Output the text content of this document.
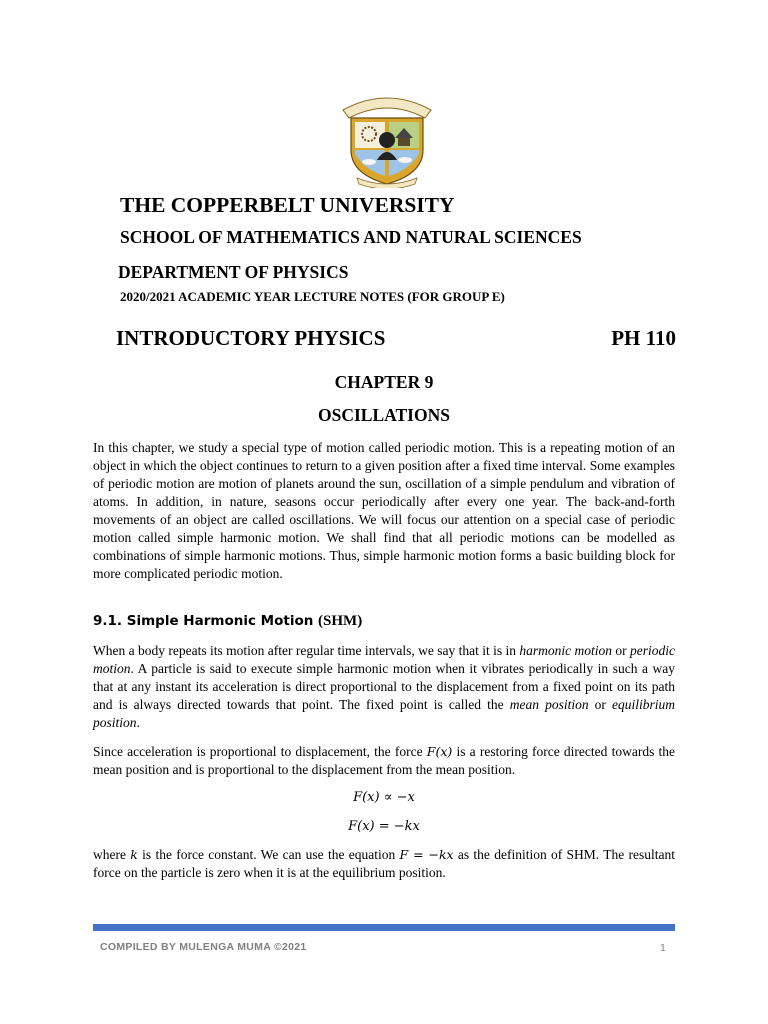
THE COPPERBELT UNIVERSITY
SCHOOL OF MATHEMATICS AND NATURAL SCIENCES
DEPARTMENT OF PHYSICS
2020/2021 ACADEMIC YEAR LECTURE NOTES (FOR GROUP E)
INTRODUCTORY PHYSICS	PH 110
CHAPTER 9
OSCILLATIONS

In this chapter, we study a special type of motion called periodic motion. This is a repeating motion of an object in which the object continues to return to a given position after a fixed time interval. Some examples of periodic motion are motion of planets around the sun, oscillation of a simple pendulum and vibration of atoms. In addition, in nature, seasons occur periodically after every one year. The back-and-forth movements of an object are called oscillations. We will focus our attention on a special case of periodic motion called simple harmonic motion. We shall find that all periodic motions can be modelled as combinations of simple harmonic motions. Thus, simple harmonic motion forms a basic building block for more complicated periodic motion.

9.1. Simple Harmonic Motion (SHM)

When a body repeats its motion after regular time intervals, we say that it is in harmonic motion or periodic motion. A particle is said to execute simple harmonic motion when it vibrates periodically in such a way that at any instant its acceleration is direct proportional to the displacement from a fixed point on its path and is always directed towards that point. The fixed point is called the mean position or equilibrium position.

Since acceleration is proportional to displacement, the force F(x) is a restoring force directed towards the mean position and is proportional to the displacement from the mean position.

F(x) ∝ −x
F(x) = −kx

where k is the force constant. We can use the equation F = −kx as the definition of SHM. The resultant force on the particle is zero when it is at the equilibrium position.

COMPILED BY MULENGA MUMA ©2021	1
